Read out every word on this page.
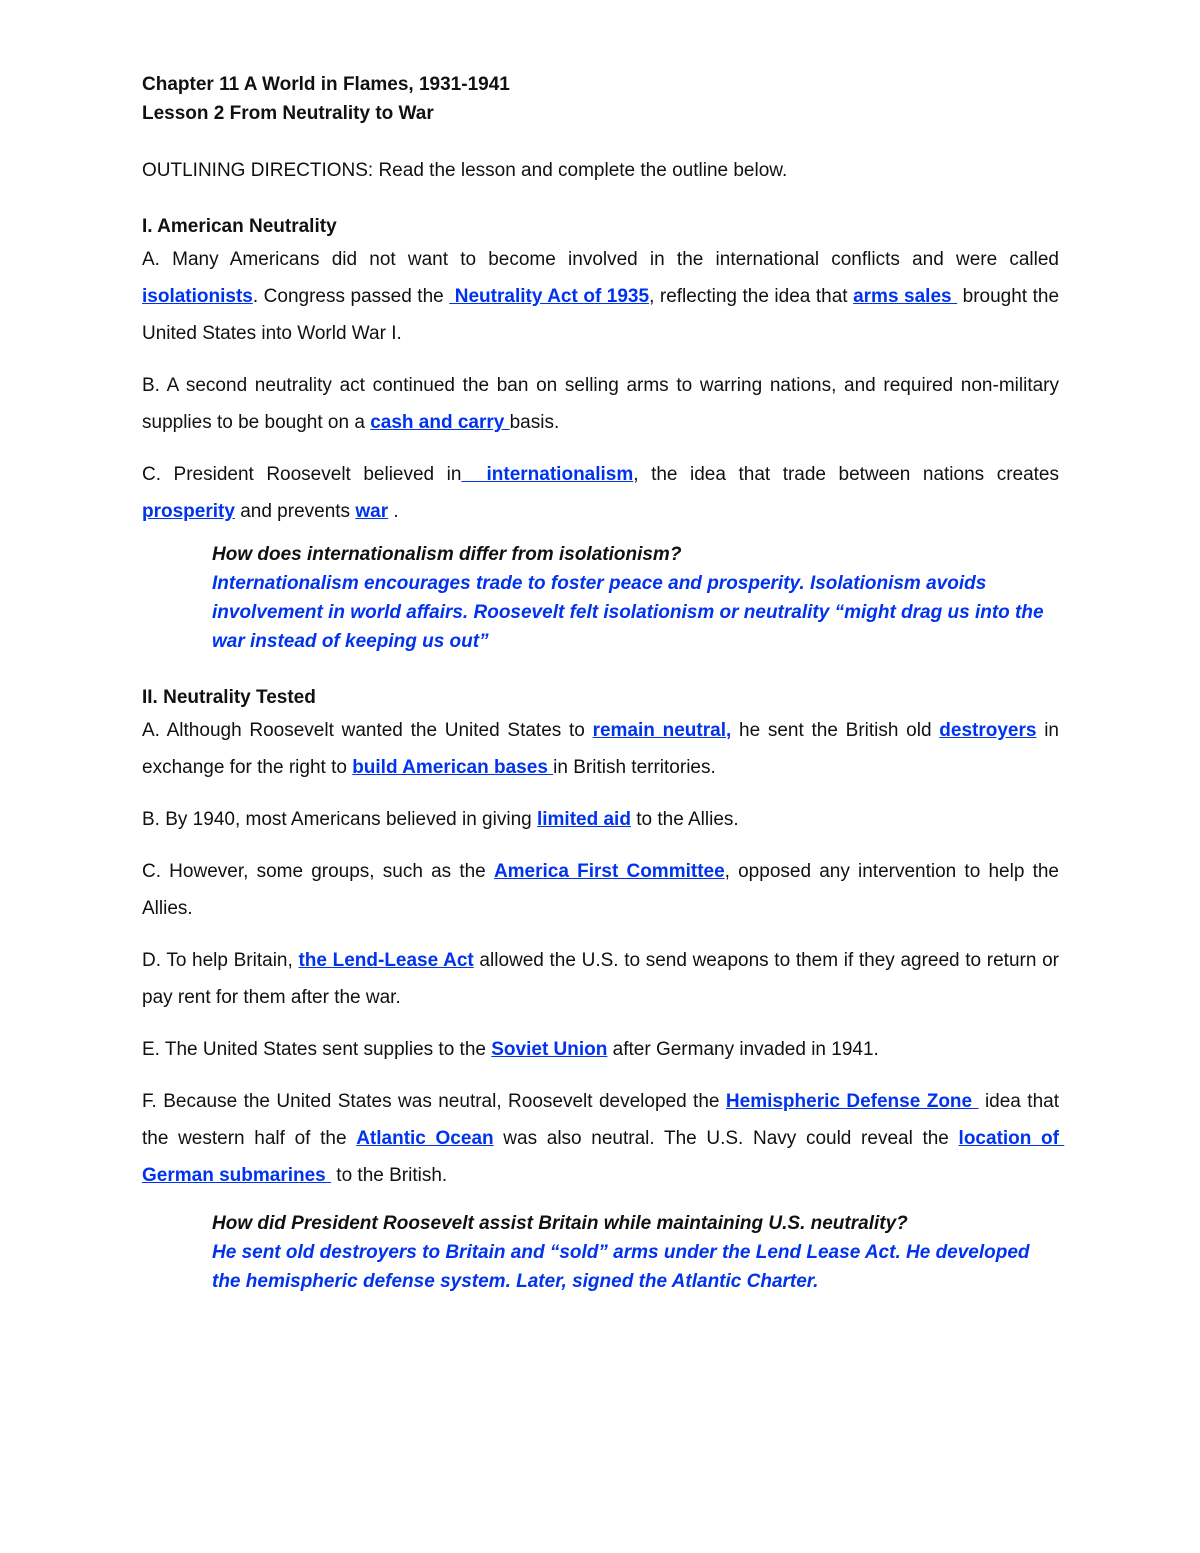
Chapter 11 A World in Flames, 1931-1941

Lesson 2 From Neutrality to War

OUTLINING DIRECTIONS: Read the lesson and complete the outline below.

I. American Neutrality

A. Many Americans did not want to become involved in the international conflicts and were called isolationists. Congress passed the  Neutrality Act of 1935, reflecting the idea that arms sales  brought the United States into World War I.

B. A second neutrality act continued the ban on selling arms to warring nations, and required non-military supplies to be bought on a cash and carry basis.

C. President Roosevelt believed in  internationalism, the idea that trade between nations creates prosperity and prevents war .

How does internationalism differ from isolationism?
Internationalism encourages trade to foster peace and prosperity. Isolationism avoids involvement in world affairs. Roosevelt felt isolationism or neutrality “might drag us into the war instead of keeping us out”

II. Neutrality Tested

A. Although Roosevelt wanted the United States to remain neutral, he sent the British old destroyers in exchange for the right to build American bases in British territories.

B. By 1940, most Americans believed in giving limited aid to the Allies.

C. However, some groups, such as the America First Committee, opposed any intervention to help the Allies.

D. To help Britain, the Lend-Lease Act allowed the U.S. to send weapons to them if they agreed to return or pay rent for them after the war.

E. The United States sent supplies to the Soviet Union after Germany invaded in 1941.

F. Because the United States was neutral, Roosevelt developed the Hemispheric Defense Zone  idea that the western half of the Atlantic Ocean was also neutral. The U.S. Navy could reveal the location of German submarines  to the British.

How did President Roosevelt assist Britain while maintaining U.S. neutrality?
He sent old destroyers to Britain and “sold” arms under the Lend Lease Act. He developed the hemispheric defense system. Later, signed the Atlantic Charter.
